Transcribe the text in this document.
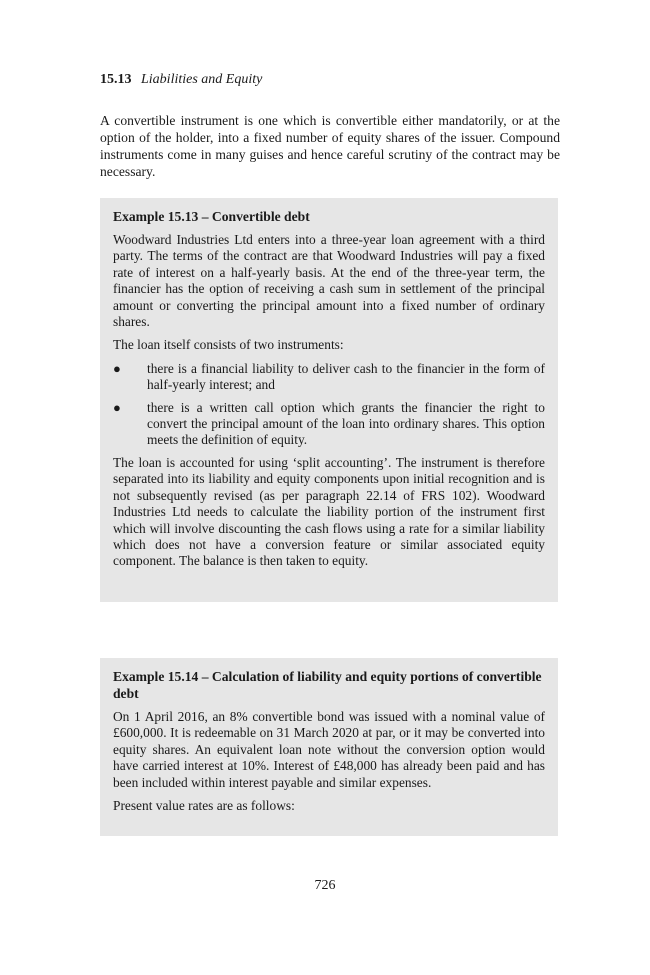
15.13 Liabilities and Equity

A convertible instrument is one which is convertible either mandatorily, or at the option of the holder, into a fixed number of equity shares of the issuer. Compound instruments come in many guises and hence careful scrutiny of the contract may be necessary.

Example 15.13 – Convertible debt

Woodward Industries Ltd enters into a three-year loan agreement with a third party. The terms of the contract are that Woodward Industries will pay a fixed rate of interest on a half-yearly basis. At the end of the three-year term, the financier has the option of receiving a cash sum in settlement of the principal amount or converting the principal amount into a fixed number of ordinary shares.

The loan itself consists of two instruments:

● there is a financial liability to deliver cash to the financier in the form of half-yearly interest; and
● there is a written call option which grants the financier the right to convert the principal amount of the loan into ordinary shares. This option meets the definition of equity.

The loan is accounted for using ‘split accounting’. The instrument is therefore separated into its liability and equity components upon initial recognition and is not subsequently revised (as per paragraph 22.14 of FRS 102). Woodward Industries Ltd needs to calculate the liability portion of the instrument first which will involve discounting the cash flows using a rate for a similar liability which does not have a conversion feature or similar associated equity component. The balance is then taken to equity.

Example 15.14 – Calculation of liability and equity portions of convertible debt

On 1 April 2016, an 8% convertible bond was issued with a nominal value of £600,000. It is redeemable on 31 March 2020 at par, or it may be converted into equity shares. An equivalent loan note without the conversion option would have carried interest at 10%. Interest of £48,000 has already been paid and has been included within interest payable and similar expenses.

Present value rates are as follows:

726
